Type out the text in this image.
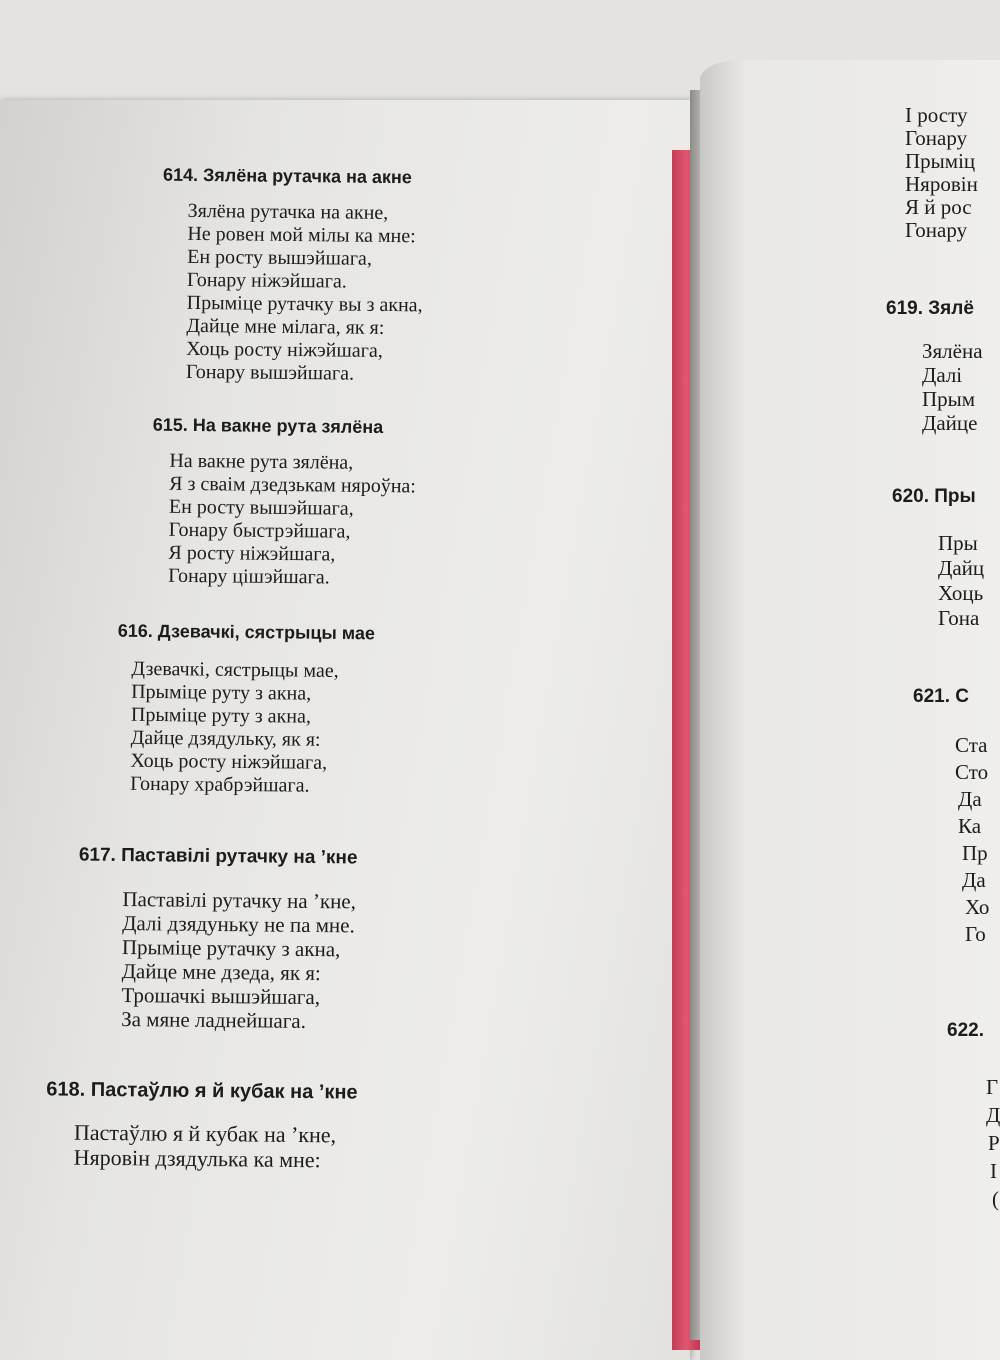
614. Зялёна рутачка на акне

Зялёна рутачка на акне,
Не ровен мой мілы ка мне:
Ен росту вышэйшага,
Гонару ніжэйшага.
Прыміце рутачку вы з акна,
Дайце мне мілага, як я:
Хоць росту ніжэйшага,
Гонару вышэйшага.

615. На вакне рута зялёна

На вакне рута зялёна,
Я з сваім дзедзькам няроўна:
Ен росту вышэйшага,
Гонару быстрэйшага,
Я росту ніжэйшага,
Гонару цішэйшага.

616. Дзевачкі, сястрыцы мае

Дзевачкі, сястрыцы мае,
Прыміце руту з акна,
Прыміце руту з акна,
Дайце дзядульку, як я:
Хоць росту ніжэйшага,
Гонару храбрэйшага.

617. Паставілі рутачку на ’кне

Паставілі рутачку на ’кне,
Далі дзядуньку не па мне.
Прыміце рутачку з акна,
Дайце мне дзеда, як я:
Трошачкі вышэйшага,
За мяне ладнейшага.

618. Пастаўлю я й кубак на ’кне

Пастаўлю я й кубак на ’кне,
Няровін дзядулька ка мне:
І росту
Гонару
Прыміц
Няровін
Я й рос
Гонару
619. Зялё
Зялёна
Далі
Прым
Дайце
620. Пры
Пры
Дайц
Хоць
Гона
621. С
Ста
Сто
Да
Ка
Пр
Да
Хо
Го
622.
Г
Д
Р
І
(
